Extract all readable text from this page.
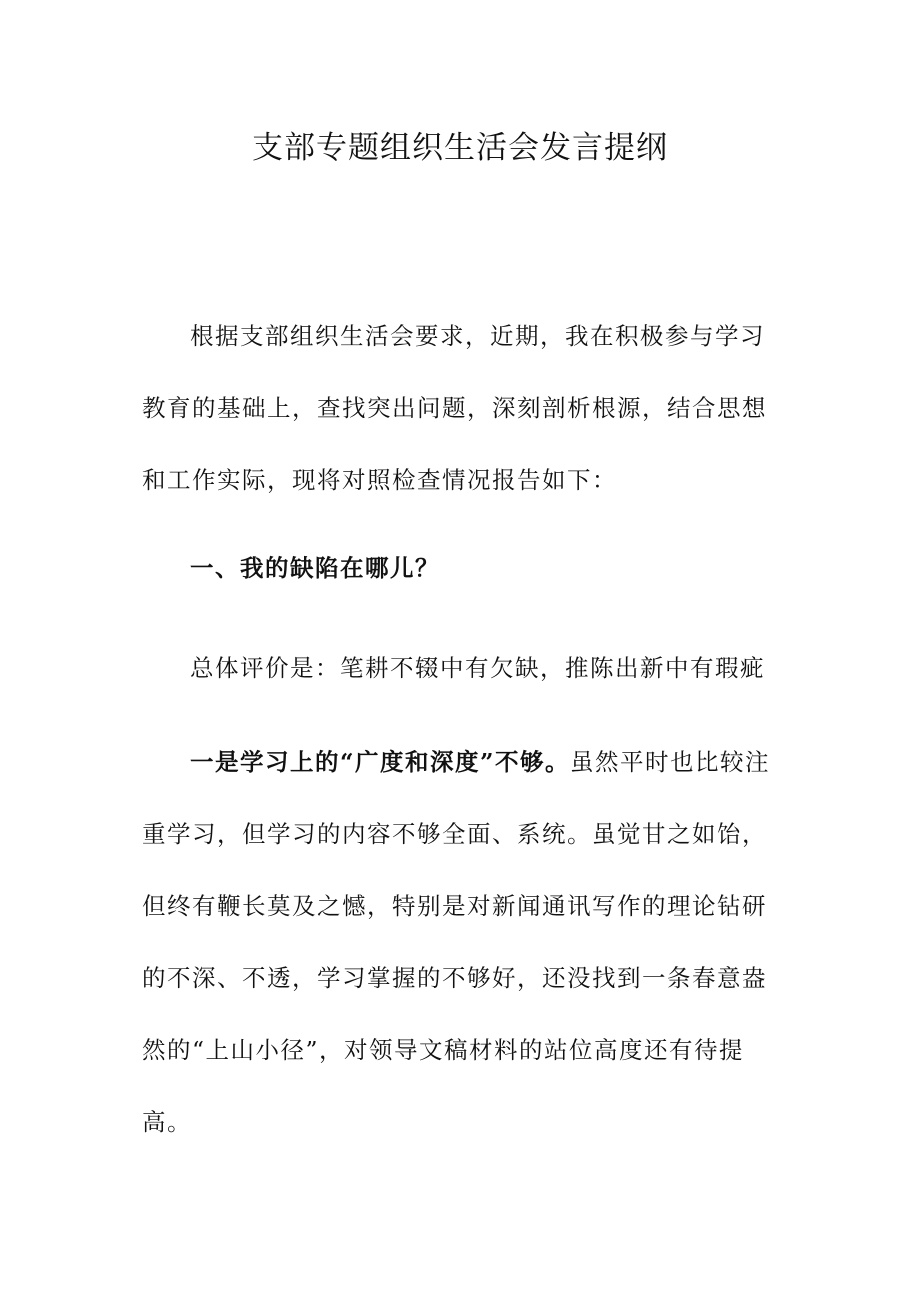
支部专题组织生活会发言提纲

根据支部组织生活会要求，近期，我在积极参与学习教育的基础上，查找突出问题，深刻剖析根源，结合思想和工作实际，现将对照检查情况报告如下：

一、我的缺陷在哪儿？

总体评价是：笔耕不辍中有欠缺，推陈出新中有瑕疵

一是学习上的“广度和深度”不够。虽然平时也比较注重学习，但学习的内容不够全面、系统。虽觉甘之如饴，但终有鞭长莫及之憾，特别是对新闻通讯写作的理论钻研的不深、不透，学习掌握的不够好，还没找到一条春意盎然的“上山小径”，对领导文稿材料的站位高度还有待提高。
